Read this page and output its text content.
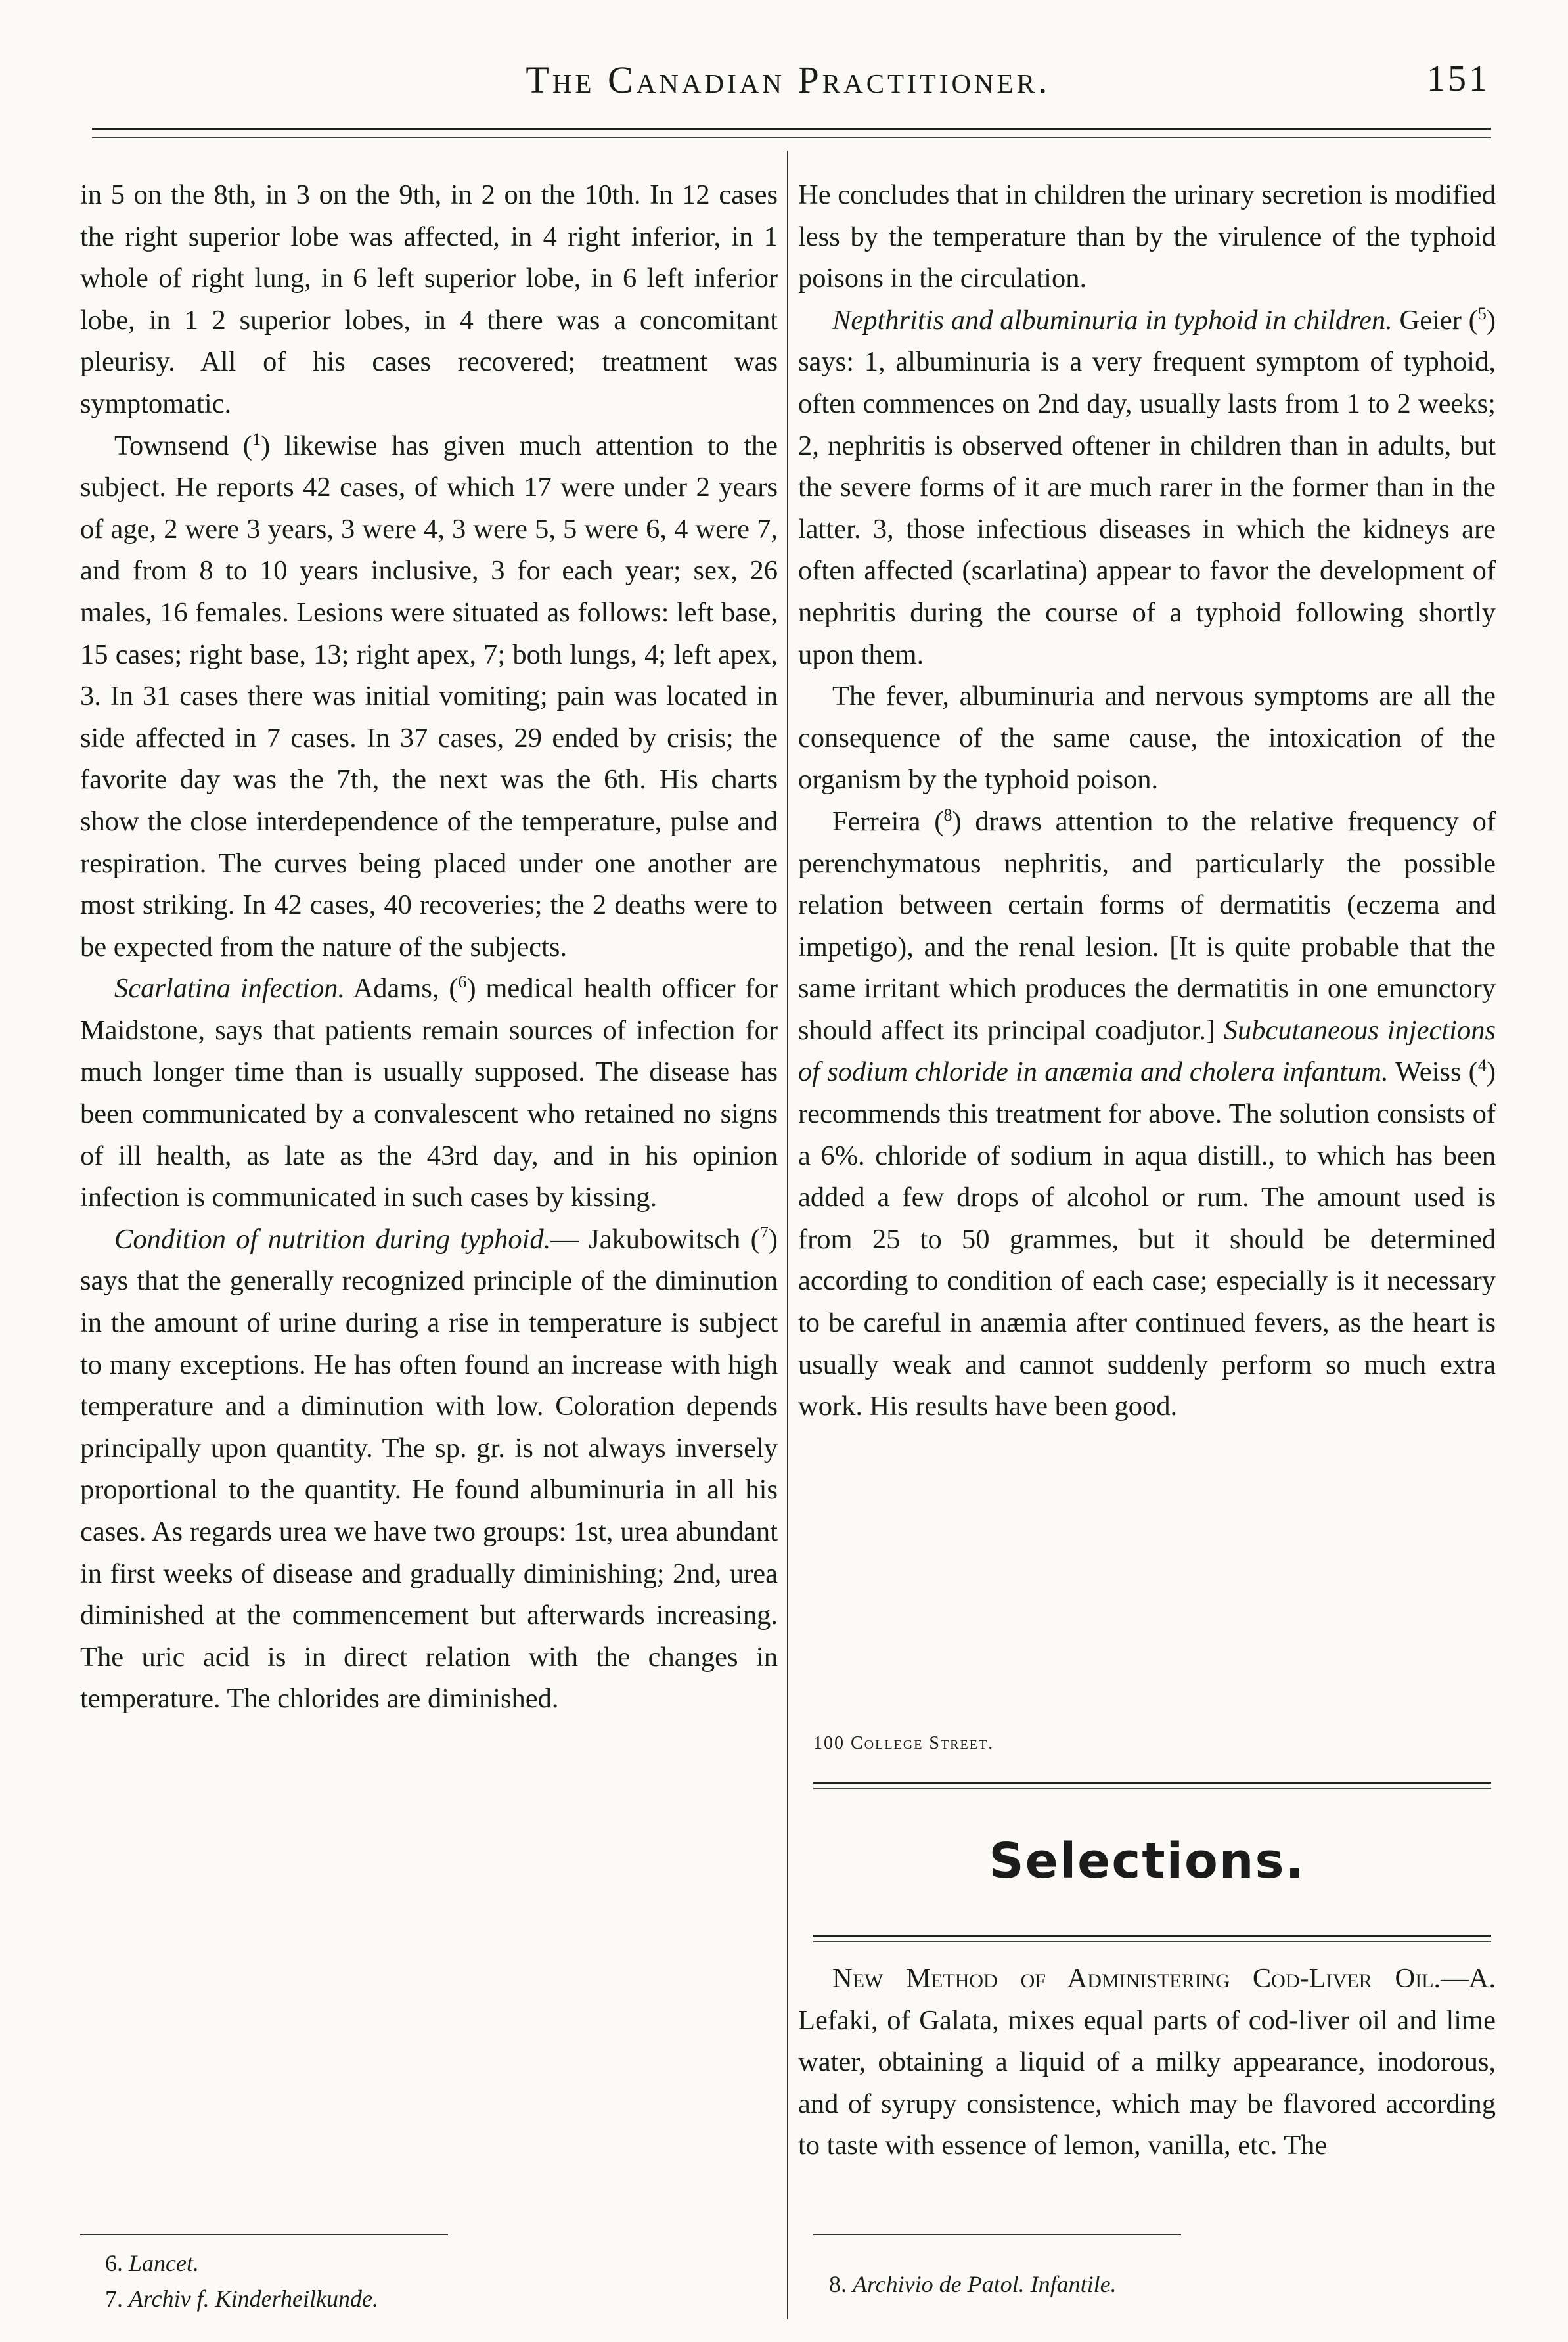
The Canadian Practitioner.	151

in 5 on the 8th, in 3 on the 9th, in 2 on the 10th. In 12 cases the right superior lobe was affected, in 4 right inferior, in 1 whole of right lung, in 6 left superior lobe, in 6 left inferior lobe, in 1 2 superior lobes, in 4 there was a concomitant pleurisy. All of his cases recovered; treatment was symptomatic.

Townsend ($^1$) likewise has given much attention to the subject. He reports 42 cases, of which 17 were under 2 years of age, 2 were 3 years, 3 were 4, 3 were 5, 5 were 6, 4 were 7, and from 8 to 10 years inclusive, 3 for each year; sex, 26 males, 16 females. Lesions were situated as follows: left base, 15 cases; right base, 13; right apex, 7; both lungs, 4; left apex, 3. In 31 cases there was initial vomiting; pain was located in side affected in 7 cases. In 37 cases, 29 ended by crisis; the favorite day was the 7th, the next was the 6th. His charts show the close interdependence of the temperature, pulse and respiration. The curves being placed under one another are most striking. In 42 cases, 40 recoveries; the 2 deaths were to be expected from the nature of the subjects.

Scarlatina infection. Adams, ($^6$) medical health officer for Maidstone, says that patients remain sources of infection for much longer time than is usually supposed. The disease has been communicated by a convalescent who retained no signs of ill health, as late as the 43rd day, and in his opinion infection is communicated in such cases by kissing.

Condition of nutrition during typhoid.— Jakubowitsch ($^7$) says that the generally recognized principle of the diminution in the amount of urine during a rise in temperature is subject to many exceptions. He has often found an increase with high temperature and a diminution with low. Coloration depends principally upon quantity. The sp. gr. is not always inversely proportional to the quantity. He found albuminuria in all his cases. As regards urea we have two groups: 1st, urea abundant in first weeks of disease and gradually diminishing; 2nd, urea diminished at the commencement but afterwards increasing. The uric acid is in direct relation with the changes in temperature. The chlorides are diminished.

6. Lancet.
7. Archiv f. Kinderheilkunde.

He concludes that in children the urinary secretion is modified less by the temperature than by the virulence of the typhoid poisons in the circulation.

Nepthritis and albuminuria in typhoid in children. Geier ($^5$) says: 1, albuminuria is a very frequent symptom of typhoid, often commences on 2nd day, usually lasts from 1 to 2 weeks; 2, nephritis is observed oftener in children than in adults, but the severe forms of it are much rarer in the former than in the latter. 3, those infectious diseases in which the kidneys are often affected (scarlatina) appear to favor the development of nephritis during the course of a typhoid following shortly upon them.

The fever, albuminuria and nervous symptoms are all the consequence of the same cause, the intoxication of the organism by the typhoid poison.

Ferreira ($^8$) draws attention to the relative frequency of perenchymatous nephritis, and particularly the possible relation between certain forms of dermatitis (eczema and impetigo), and the renal lesion. [It is quite probable that the same irritant which produces the dermatitis in one emunctory should affect its principal coadjutor.] Subcutaneous injections of sodium chloride in anæmia and cholera infantum. Weiss ($^4$) recommends this treatment for above. The solution consists of a 6%. chloride of sodium in aqua distill., to which has been added a few drops of alcohol or rum. The amount used is from 25 to 50 grammes, but it should be determined according to condition of each case; especially is it necessary to be careful in anæmia after continued fevers, as the heart is usually weak and cannot suddenly perform so much extra work. His results have been good.

100 College Street.
Selections.

New Method of Administering Cod-Liver Oil.—A. Lefaki, of Galata, mixes equal parts of cod-liver oil and lime water, obtaining a liquid of a milky appearance, inodorous, and of syrupy consistence, which may be flavored according to taste with essence of lemon, vanilla, etc. The

8. Archivio de Patol. Infantile.
